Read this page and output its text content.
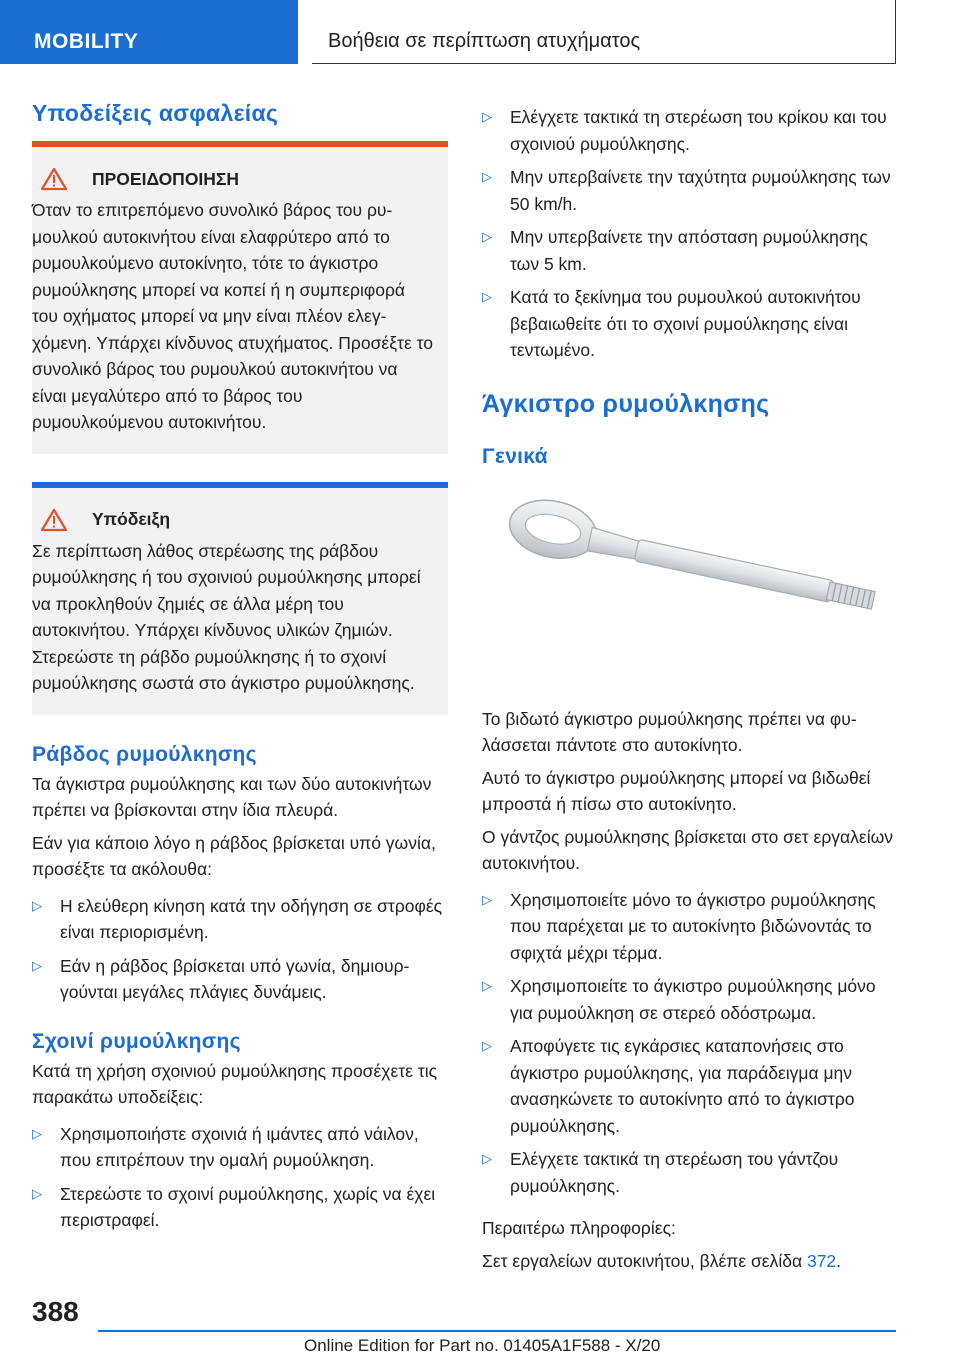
MOBILITY	Βοήθεια σε περίπτωση ατυχήματος
Υποδείξεις ασφαλείας
ΠΡΟΕΙΔΟΠΟΙΗΣΗ

Όταν το επιτρεπόμενο συνολικό βάρος του ρυμουλκού αυτοκινήτου είναι ελαφρύτερο από το ρυμουλκούμενο αυτοκίνητο, τότε το άγκιστρο ρυμούλκησης μπορεί να κοπεί ή η συμπεριφορά του οχήματος μπορεί να μην είναι πλέον ελεγχόμενη. Υπάρχει κίνδυνος ατυχήματος. Προσέξτε το συνολικό βάρος του ρυμουλκού αυτοκινήτου να είναι μεγαλύτερο από το βάρος του ρυμουλκούμενου αυτοκινήτου.

Υπόδειξη

Σε περίπτωση λάθος στερέωσης της ράβδου ρυμούλκησης ή του σχοινιού ρυμούλκησης μπορεί να προκληθούν ζημιές σε άλλα μέρη του αυτοκινήτου. Υπάρχει κίνδυνος υλικών ζημιών. Στερεώστε τη ράβδο ρυμούλκησης ή το σχοινί ρυμούλκησης σωστά στο άγκιστρο ρυμούλκησης.

Ράβδος ρυμούλκησης

Τα άγκιστρα ρυμούλκησης και των δύο αυτοκινήτων πρέπει να βρίσκονται στην ίδια πλευρά.

Εάν για κάποιο λόγο η ράβδος βρίσκεται υπό γωνία, προσέξτε τα ακόλουθα:

▷ Η ελεύθερη κίνηση κατά την οδήγηση σε στροφές είναι περιορισμένη.
▷ Εάν η ράβδος βρίσκεται υπό γωνία, δημιουργούνται μεγάλες πλάγιες δυνάμεις.
Σχοινί ρυμούλκησης

Κατά τη χρήση σχοινιού ρυμούλκησης προσέχετε τις παρακάτω υποδείξεις:

▷ Χρησιμοποιήστε σχοινιά ή ιμάντες από νάιλον, που επιτρέπουν την ομαλή ρυμούλκηση.
▷ Στερεώστε το σχοινί ρυμούλκησης, χωρίς να έχει περιστραφεί.
▷ Ελέγχετε τακτικά τη στερέωση του κρίκου και του σχοινιού ρυμούλκησης.
▷ Μην υπερβαίνετε την ταχύτητα ρυμούλκησης των 50 km/h.
▷ Μην υπερβαίνετε την απόσταση ρυμούλκησης των 5 km.
▷ Κατά το ξεκίνημα του ρυμουλκού αυτοκινήτου βεβαιωθείτε ότι το σχοινί ρυμούλκησης είναι τεντωμένο.
Άγκιστρο ρυμούλκησης
Γενικά

Το βιδωτό άγκιστρο ρυμούλκησης πρέπει να φυλάσσεται πάντοτε στο αυτοκίνητο.

Αυτό το άγκιστρο ρυμούλκησης μπορεί να βιδωθεί μπροστά ή πίσω στο αυτοκίνητο.

Ο γάντζος ρυμούλκησης βρίσκεται στο σετ εργαλείων αυτοκινήτου.

▷ Χρησιμοποιείτε μόνο το άγκιστρο ρυμούλκησης που παρέχεται με το αυτοκίνητο βιδώνοντάς το σφιχτά μέχρι τέρμα.
▷ Χρησιμοποιείτε το άγκιστρο ρυμούλκησης μόνο για ρυμούλκηση σε στερεό οδόστρωμα.
▷ Αποφύγετε τις εγκάρσιες καταπονήσεις στο άγκιστρο ρυμούλκησης, για παράδειγμα μην ανασηκώνετε το αυτοκίνητο από το άγκιστρο ρυμούλκησης.
▷ Ελέγχετε τακτικά τη στερέωση του γάντζου ρυμούλκησης.

Περαιτέρω πληροφορίες:

Σετ εργαλείων αυτοκινήτου, βλέπε σελίδα 372.

388
Online Edition for Part no. 01405A1F588 - X/20
